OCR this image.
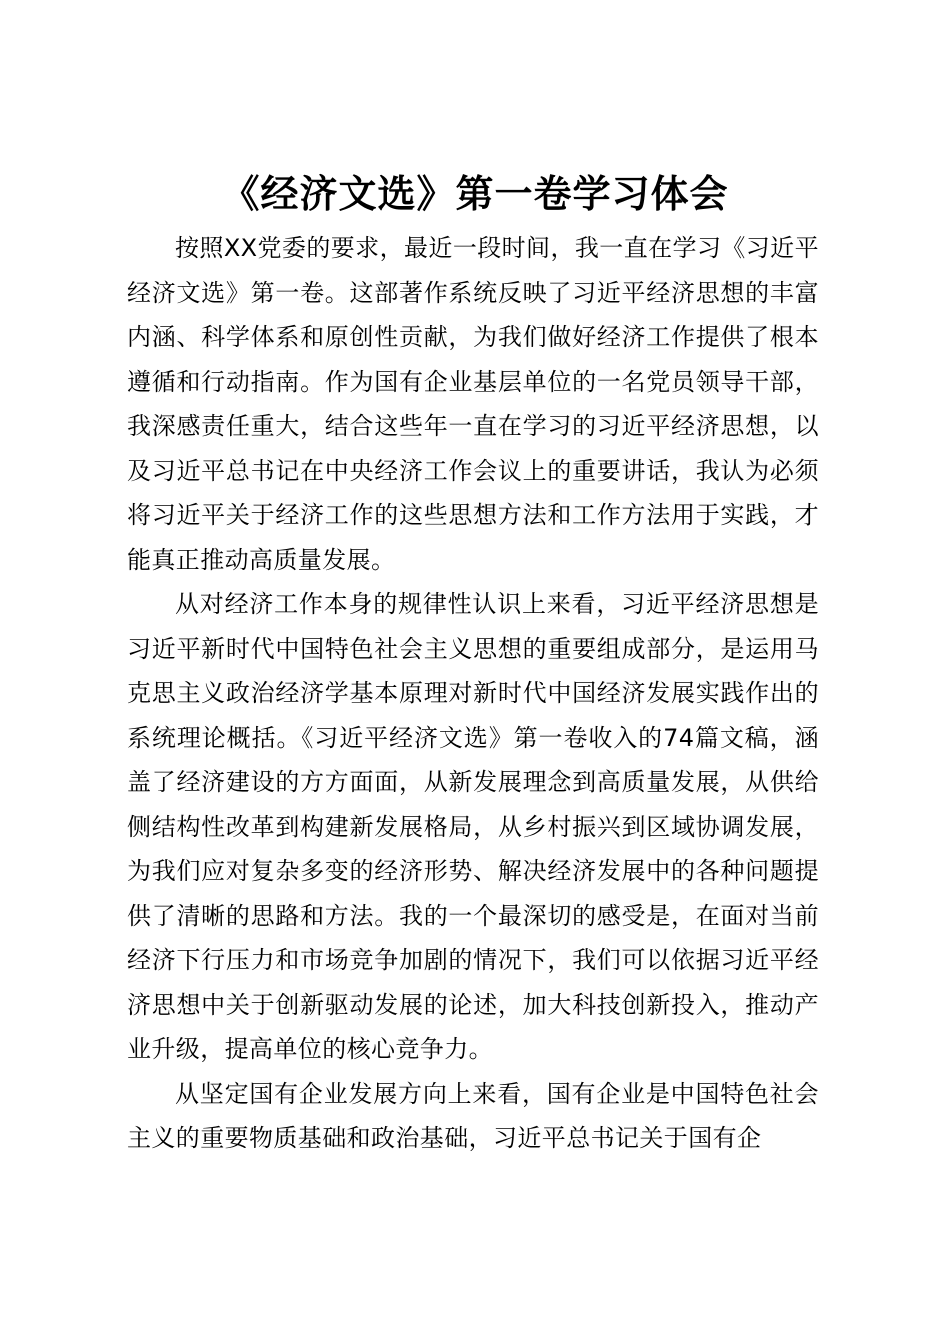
《经济文选》第一卷学习体会

按照XX党委的要求，最近一段时间，我一直在学习《习近平经济文选》第一卷。这部著作系统反映了习近平经济思想的丰富内涵、科学体系和原创性贡献，为我们做好经济工作提供了根本遵循和行动指南。作为国有企业基层单位的一名党员领导干部，我深感责任重大，结合这些年一直在学习的习近平经济思想，以及习近平总书记在中央经济工作会议上的重要讲话，我认为必须将习近平关于经济工作的这些思想方法和工作方法用于实践，才能真正推动高质量发展。

从对经济工作本身的规律性认识上来看，习近平经济思想是习近平新时代中国特色社会主义思想的重要组成部分，是运用马克思主义政治经济学基本原理对新时代中国经济发展实践作出的系统理论概括。《习近平经济文选》第一卷收入的74篇文稿，涵盖了经济建设的方方面面，从新发展理念到高质量发展，从供给侧结构性改革到构建新发展格局，从乡村振兴到区域协调发展，为我们应对复杂多变的经济形势、解决经济发展中的各种问题提供了清晰的思路和方法。我的一个最深切的感受是，在面对当前经济下行压力和市场竞争加剧的情况下，我们可以依据习近平经济思想中关于创新驱动发展的论述，加大科技创新投入，推动产业升级，提高单位的核心竞争力。

从坚定国有企业发展方向上来看，国有企业是中国特色社会主义的重要物质基础和政治基础，习近平总书记关于国有企
